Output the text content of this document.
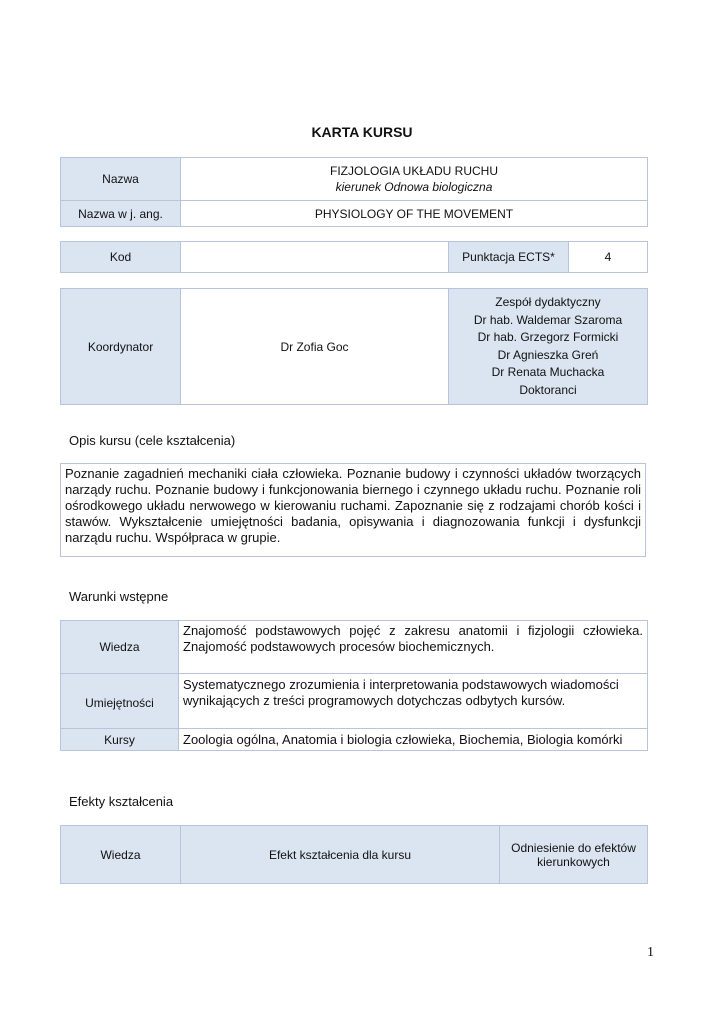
KARTA KURSU
Nazwa	FIZJOLOGIA UKŁADU RUCHU
kierunek Odnowa biologiczna

Nazwa w j. ang.	PHYSIOLOGY OF THE MOVEMENT
Kod		Punktacja ECTS*	4
Koordynator	Dr Zofia Goc	
Zespół dydaktyczny
Dr hab. Waldemar Szaroma
Dr hab. Grzegorz Formicki
Dr Agnieszka Greń
Dr Renata Muchacka
Doktoranci
Opis kursu (cele kształcenia)
Poznanie zagadnień mechaniki ciała człowieka. Poznanie budowy i czynności układów tworzących narządy ruchu. Poznanie budowy i funkcjonowania biernego i czynnego układu ruchu. Poznanie roli ośrodkowego układu nerwowego w kierowaniu ruchami. Zapoznanie się z rodzajami chorób kości i stawów. Wykształcenie umiejętności badania, opisywania i diagnozowania funkcji i dysfunkcji narządu ruchu. Współpraca w grupie.
Warunki wstępne
Wiedza	Znajomość podstawowych pojęć z zakresu anatomii i fizjologii człowieka. Znajomość podstawowych procesów biochemicznych.

Umiejętności	Systematycznego zrozumienia i interpretowania podstawowych wiadomości wynikających z treści programowych dotychczas odbytych kursów.
Kursy	Zoologia ogólna, Anatomia i biologia człowieka, Biochemia, Biologia komórki
Efekty kształcenia
Wiedza	Efekt kształcenia dla kursu	Odniesienie do efektów kierunkowych
1
